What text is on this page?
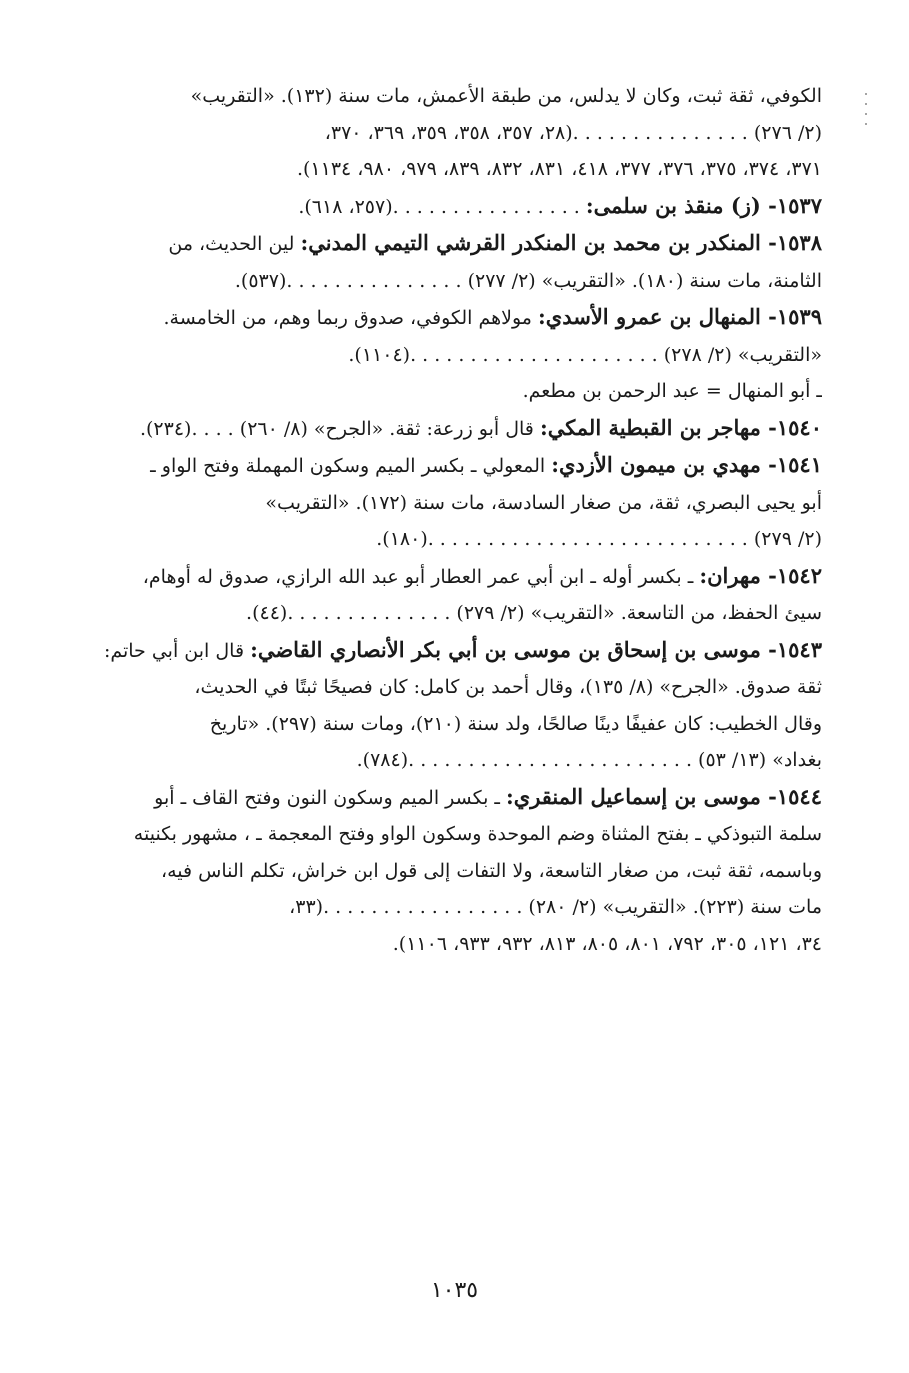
الكوفي، ثقة ثبت، وكان لا يدلس، من طبقة الأعمش، مات سنة (١٣٢). «التقريب»
(٢/ ٢٧٦) . . . . . . . . . . . . . . .(٢٨، ٣٥٧، ٣٥٨، ٣٥٩، ٣٦٩، ٣٧٠،
٣٧١، ٣٧٤، ٣٧٥، ٣٧٦، ٣٧٧، ٤١٨، ٨٣١، ٨٣٢، ٨٣٩، ٩٧٩، ٩٨٠، ١١٣٤).
١٥٣٧- (ز) منقذ بن سلمى: . . . . . . . . . . . . . . . .(٢٥٧، ٦١٨).
١٥٣٨- المنكدر بن محمد بن المنكدر القرشي التيمي المدني: لين الحديث، من
الثامنة، مات سنة (١٨٠). «التقريب» (٢/ ٢٧٧) . . . . . . . . . . . . . . .(٥٣٧).
١٥٣٩- المنهال بن عمرو الأسدي: مولاهم الكوفي، صدوق ربما وهم، من الخامسة.
«التقريب» (٢/ ٢٧٨) . . . . . . . . . . . . . . . . . . . . .(١١٠٤).
ـ أبو المنهال = عبد الرحمن بن مطعم.
١٥٤٠- مهاجر بن القبطية المكي: قال أبو زرعة: ثقة. «الجرح» (٨/ ٢٦٠) . . . .(٢٣٤).
١٥٤١- مهدي بن ميمون الأزدي: المعولي ـ بكسر الميم وسكون المهملة وفتح الواو ـ
أبو يحيى البصري، ثقة، من صغار السادسة، مات سنة (١٧٢). «التقريب»
(٢/ ٢٧٩) . . . . . . . . . . . . . . . . . . . . . . . . . . .(١٨٠).
١٥٤٢- مهران: ـ بكسر أوله ـ ابن أبي عمر العطار أبو عبد الله الرازي، صدوق له أوهام،
سيئ الحفظ، من التاسعة. «التقريب» (٢/ ٢٧٩) . . . . . . . . . . . . . .(٤٤).
١٥٤٣- موسى بن إسحاق بن موسى بن أبي بكر الأنصاري القاضي: قال ابن أبي حاتم:
ثقة صدوق. «الجرح» (٨/ ١٣٥)، وقال أحمد بن كامل: كان فصيحًا ثبتًا في الحديث،
وقال الخطيب: كان عفيفًا دينًا صالحًا، ولد سنة (٢١٠)، ومات سنة (٢٩٧). «تاريخ
بغداد» (١٣/ ٥٣) . . . . . . . . . . . . . . . . . . . . . . . .(٧٨٤).
١٥٤٤- موسى بن إسماعيل المنقري: ـ بكسر الميم وسكون النون وفتح القاف ـ أبو
سلمة التبوذكي ـ بفتح المثناة وضم الموحدة وسكون الواو وفتح المعجمة ـ ، مشهور بكنيته
وباسمه، ثقة ثبت، من صغار التاسعة، ولا التفات إلى قول ابن خراش، تكلم الناس فيه،
مات سنة (٢٢٣). «التقريب» (٢/ ٢٨٠) . . . . . . . . . . . . . . . . .(٣٣،
٣٤، ١٢١، ٣٠٥، ٧٩٢، ٨٠١، ٨٠٥، ٨١٣، ٩٣٢، ٩٣٣، ١١٠٦).
١٠٣٥
